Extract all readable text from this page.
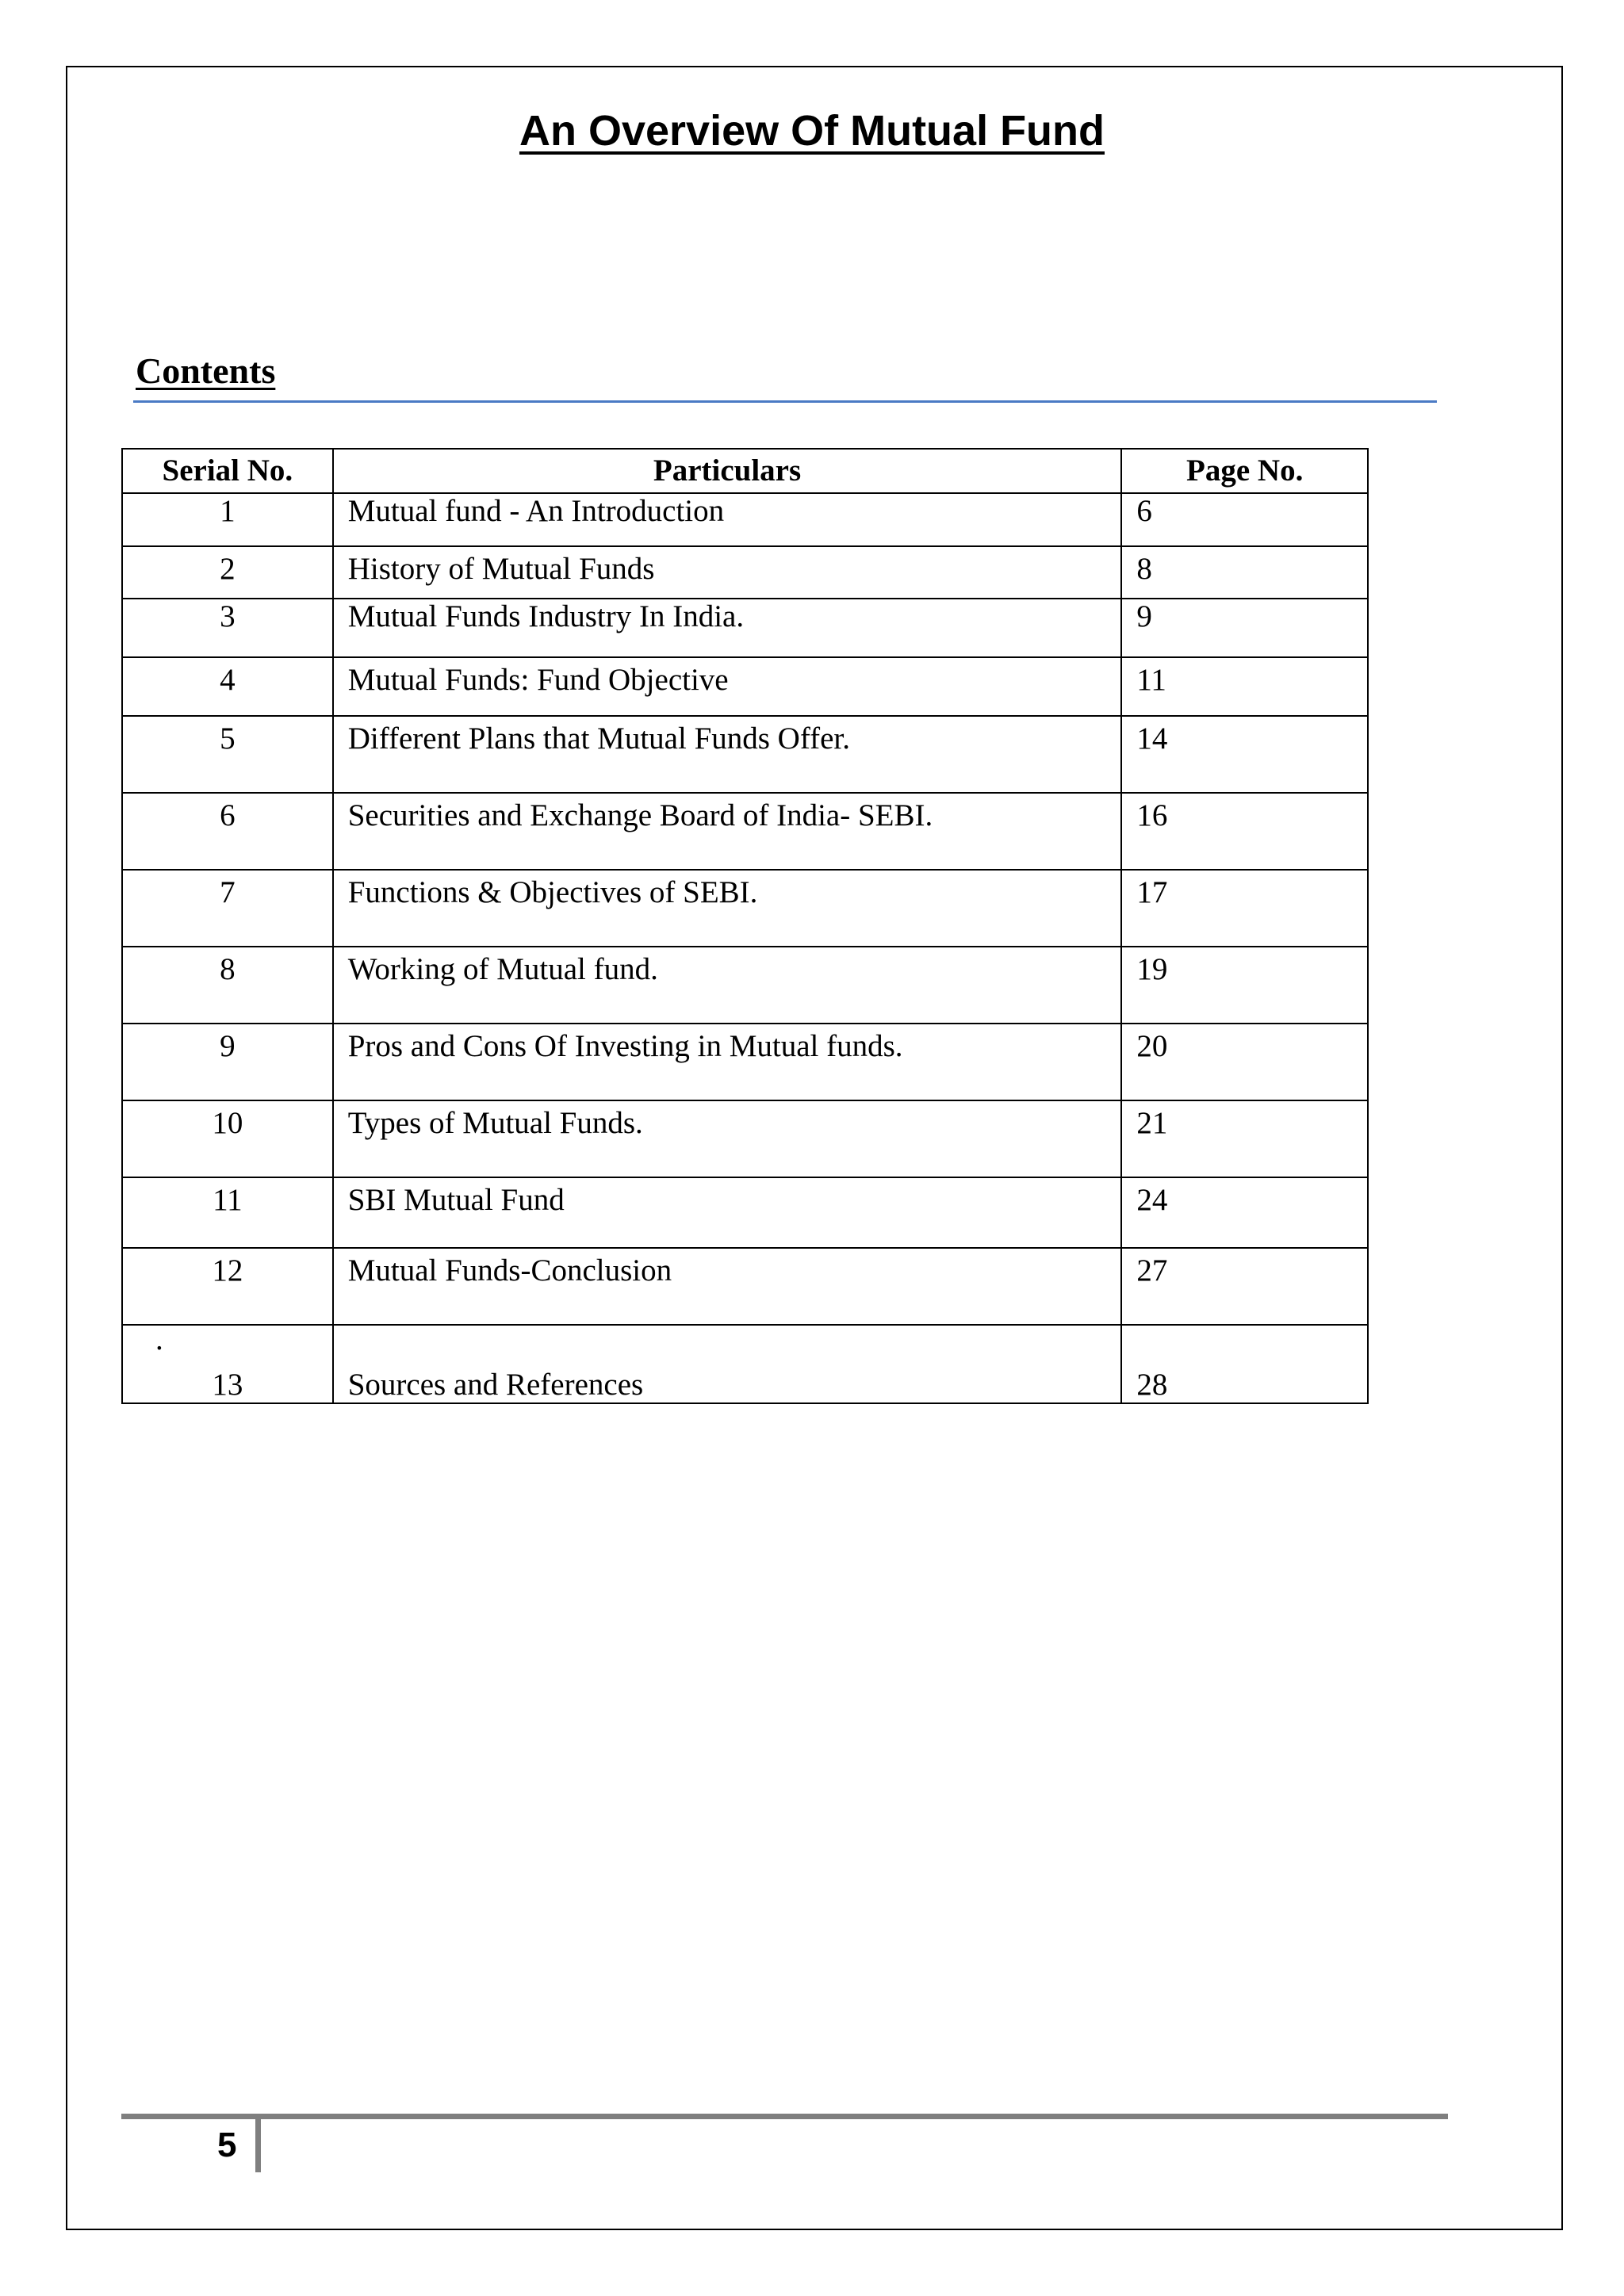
An Overview Of Mutual Fund
Contents
Serial No.	Particulars	Page No.
1	Mutual fund - An Introduction	6
2	History of Mutual Funds	8
3	Mutual Funds Industry In India.	9
4	Mutual Funds: Fund Objective	11
5	Different Plans that Mutual Funds Offer.	14
6	Securities and Exchange Board of India- SEBI.	16
7	Functions & Objectives of SEBI.	17
8	Working of Mutual fund.	19
9	Pros and Cons Of Investing in Mutual funds.	20
10	Types of Mutual Funds.	21
11	SBI Mutual Fund	24
12	Mutual Funds-Conclusion	27
13	Sources and References	28
.
5
